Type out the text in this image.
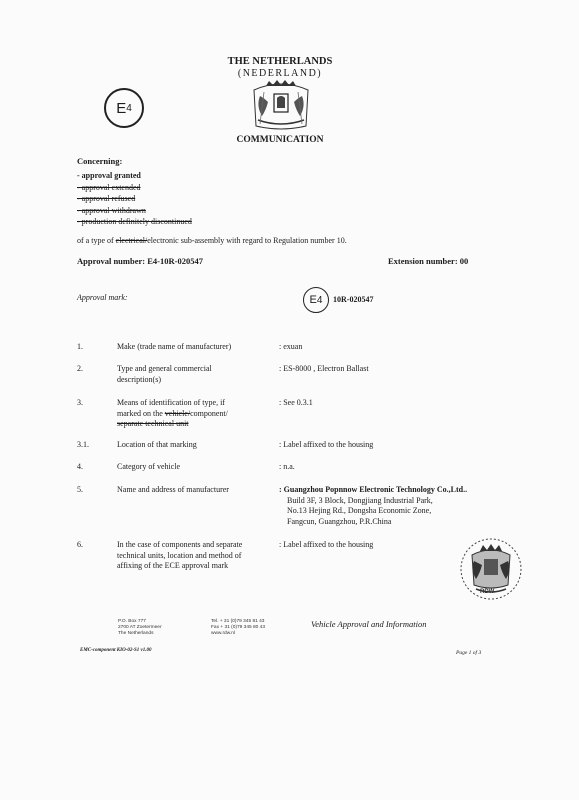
THE NETHERLANDS
(NEDERLAND)
E 4
COMMUNICATION
Concerning:
- approval granted
- approval extended
- approval refused
- approval withdrawn
- production definitely discontinued
of a type of electrical/electronic sub-assembly with regard to Regulation number 10.
Approval number: E4-10R-020547	Extension number: 00
Approval mark:	E 4 10R-020547
1.	Make (trade name of manufacturer)	: exuan
2.	Type and general commercial
description(s)
: ES-8000 , Electron Ballast
3.	Means of identification of type, if
marked on the vehicle/component/
separate technical unit
: See 0.3.1
3.1.	Location of that marking	: Label affixed to the housing
4.	Category of vehicle	: n.a.
5.	Name and address of manufacturer	: Guangzhou Popnnow Electronic Technology Co.,Ltd..
Build 3F, 3 Block, Dongjiang Industrial Park,
No.13 Hejing Rd., Dongsha Economic Zone,
Fangcun, Guangzhou, P.R.China
6.	In the case of components and separate
technical units, location and method of
affixing of the ECE approval mark
: Label affixed to the housing
RDW
P.O. Box 777
2700 AT Zoetermeer
The Netherlands
Tel. + 31 (0)79 345 81 43
Fax + 31 (0)79 345 80 43
www.rdw.nl
Vehicle Approval and Information
EMC-component KIO-02-S1 v1.00	Page 1 of 3
